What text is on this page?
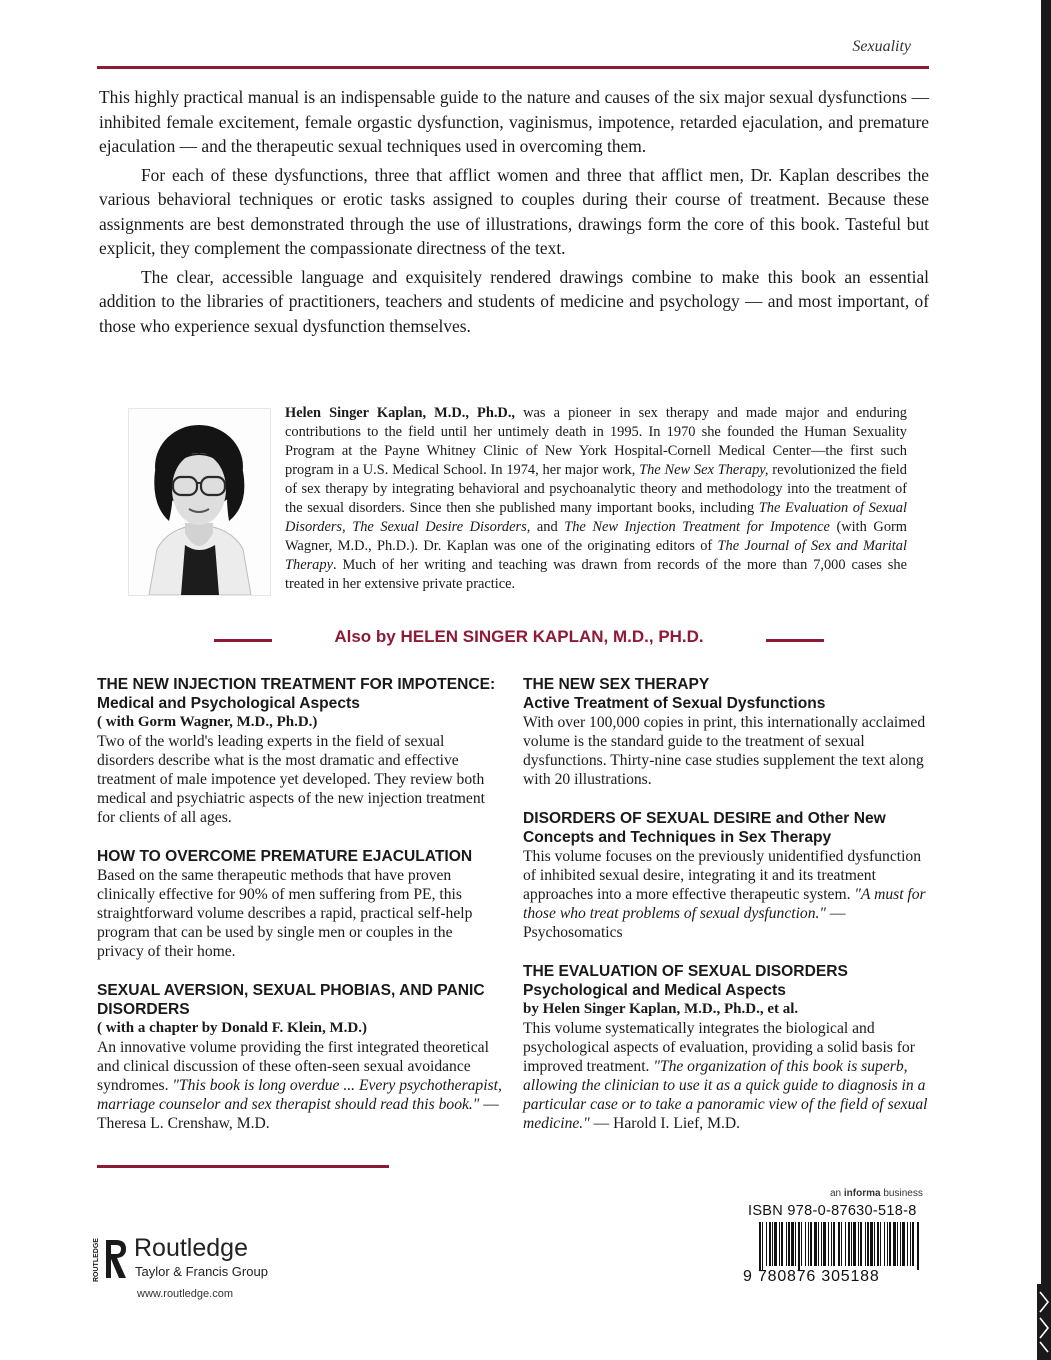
Sexuality

This highly practical manual is an indispensable guide to the nature and causes of the six major sexual dysfunctions — inhibited female excitement, female orgastic dysfunction, vaginismus, impotence, retarded ejaculation, and premature ejaculation — and the therapeutic sexual techniques used in overcoming them.

For each of these dysfunctions, three that afflict women and three that afflict men, Dr. Kaplan describes the various behavioral techniques or erotic tasks assigned to couples during their course of treatment. Because these assignments are best demonstrated through the use of illustrations, drawings form the core of this book. Tasteful but explicit, they complement the compassionate directness of the text.

The clear, accessible language and exquisitely rendered drawings combine to make this book an essential addition to the libraries of practitioners, teachers and students of medicine and psychology — and most important, of those who experience sexual dysfunction themselves.

Helen Singer Kaplan, M.D., Ph.D., was a pioneer in sex therapy and made major and enduring contributions to the field until her untimely death in 1995. In 1970 she founded the Human Sexuality Program at the Payne Whitney Clinic of New York Hospital-Cornell Medical Center—the first such program in a U.S. Medical School. In 1974, her major work, The New Sex Therapy, revolutionized the field of sex therapy by integrating behavioral and psychoanalytic theory and methodology into the treatment of the sexual disorders. Since then she published many important books, including The Evaluation of Sexual Disorders, The Sexual Desire Disorders, and The New Injection Treatment for Impotence (with Gorm Wagner, M.D., Ph.D.). Dr. Kaplan was one of the originating editors of The Journal of Sex and Marital Therapy. Much of her writing and teaching was drawn from records of the more than 7,000 cases she treated in her extensive private practice.
Also by HELEN SINGER KAPLAN, M.D., PH.D.
THE NEW INJECTION TREATMENT FOR IMPOTENCE: Medical and Psychological Aspects
( with Gorm Wagner, M.D., Ph.D.)
Two of the world's leading experts in the field of sexual disorders describe what is the most dramatic and effective treatment of male impotence yet developed. They review both medical and psychiatric aspects of the new injection treatment for clients of all ages.
HOW TO OVERCOME PREMATURE EJACULATION
Based on the same therapeutic methods that have proven clinically effective for 90% of men suffering from PE, this straightforward volume describes a rapid, practical self-help program that can be used by single men or couples in the privacy of their home.
SEXUAL AVERSION, SEXUAL PHOBIAS, AND PANIC DISORDERS
( with a chapter by Donald F. Klein, M.D.)
An innovative volume providing the first integrated theoretical and clinical discussion of these often-seen sexual avoidance syndromes. "This book is long overdue ... Every psychotherapist, marriage counselor and sex therapist should read this book." —Theresa L. Crenshaw, M.D.
THE NEW SEX THERAPY
Active Treatment of Sexual Dysfunctions
With over 100,000 copies in print, this internationally acclaimed volume is the standard guide to the treatment of sexual dysfunctions. Thirty-nine case studies supplement the text along with 20 illustrations.
DISORDERS OF SEXUAL DESIRE and Other New Concepts and Techniques in Sex Therapy
This volume focuses on the previously unidentified dysfunction of inhibited sexual desire, integrating it and its treatment approaches into a more effective therapeutic system. "A must for those who treat problems of sexual dysfunction." — Psychosomatics
THE EVALUATION OF SEXUAL DISORDERS
Psychological and Medical Aspects
by Helen Singer Kaplan, M.D., Ph.D., et al.
This volume systematically integrates the biological and psychological aspects of evaluation, providing a solid basis for improved treatment. "The organization of this book is superb, allowing the clinician to use it as a quick guide to diagnosis in a particular case or to take a panoramic view of the field of sexual medicine." — Harold I. Lief, M.D.
ROUTLEDGE Routledge
Taylor & Francis Group
www.routledge.com
an informa business
ISBN 978-0-87630-518-8
9 780876 305188
